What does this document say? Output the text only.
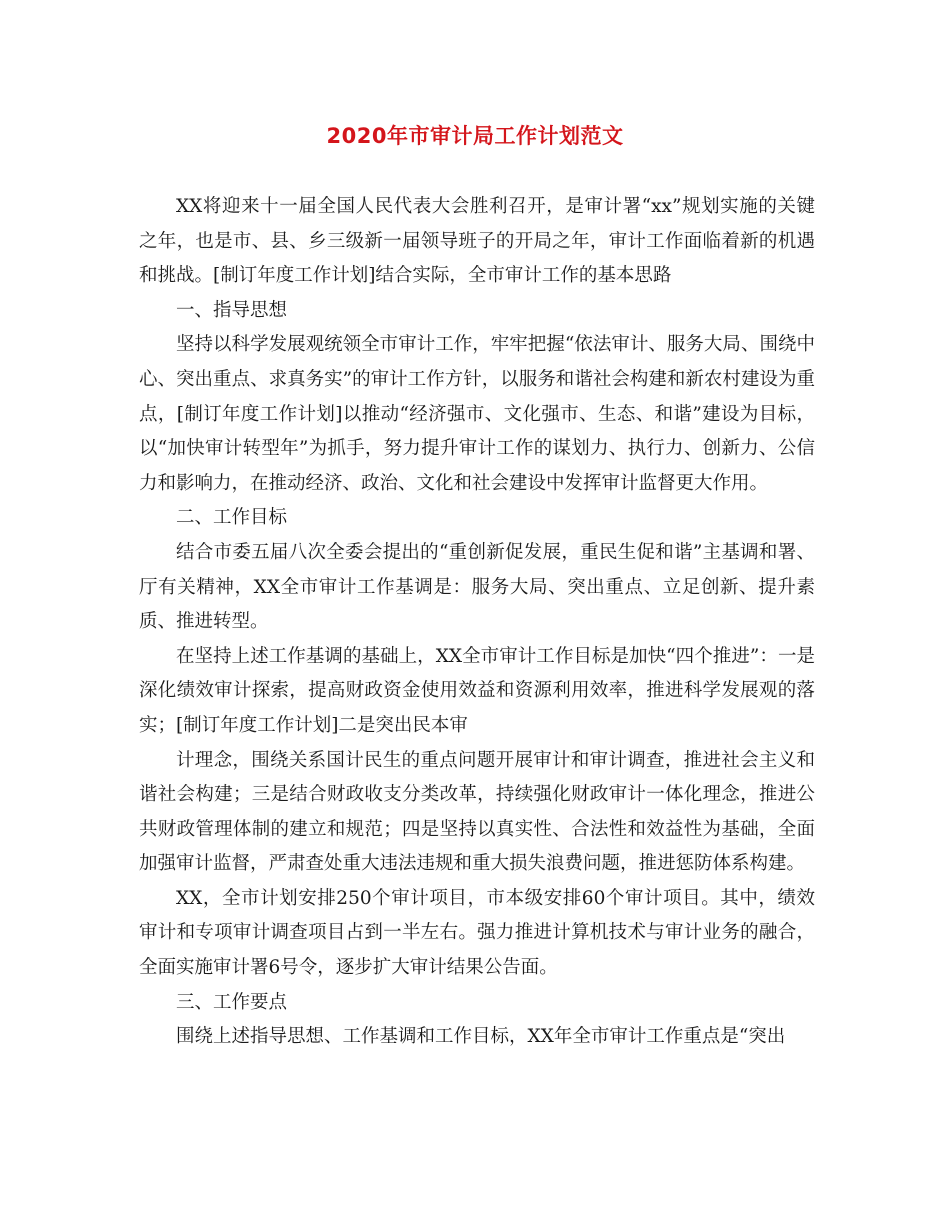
2020年市审计局工作计划范文

XX将迎来十一届全国人民代表大会胜利召开，是审计署“xx”规划实施的关键之年，也是市、县、乡三级新一届领导班子的开局之年，审计工作面临着新的机遇和挑战。[制订年度工作计划]结合实际，全市审计工作的基本思路

一、指导思想

坚持以科学发展观统领全市审计工作，牢牢把握“依法审计、服务大局、围绕中心、突出重点、求真务实”的审计工作方针，以服务和谐社会构建和新农村建设为重点，[制订年度工作计划]以推动“经济强市、文化强市、生态、和谐”建设为目标，以“加快审计转型年”为抓手，努力提升审计工作的谋划力、执行力、创新力、公信力和影响力，在推动经济、政治、文化和社会建设中发挥审计监督更大作用。

二、工作目标

结合市委五届八次全委会提出的“重创新促发展，重民生促和谐”主基调和署、厅有关精神，XX全市审计工作基调是：服务大局、突出重点、立足创新、提升素质、推进转型。

在坚持上述工作基调的基础上，XX全市审计工作目标是加快“四个推进”：一是深化绩效审计探索，提高财政资金使用效益和资源利用效率，推进科学发展观的落实；[制订年度工作计划]二是突出民本审

计理念，围绕关系国计民生的重点问题开展审计和审计调查，推进社会主义和谐社会构建；三是结合财政收支分类改革，持续强化财政审计一体化理念，推进公共财政管理体制的建立和规范；四是坚持以真实性、合法性和效益性为基础，全面加强审计监督，严肃查处重大违法违规和重大损失浪费问题，推进惩防体系构建。

XX，全市计划安排250个审计项目，市本级安排60个审计项目。其中，绩效审计和专项审计调查项目占到一半左右。强力推进计算机技术与审计业务的融合，全面实施审计署6号令，逐步扩大审计结果公告面。

三、工作要点

围绕上述指导思想、工作基调和工作目标，XX年全市审计工作重点是“突出
